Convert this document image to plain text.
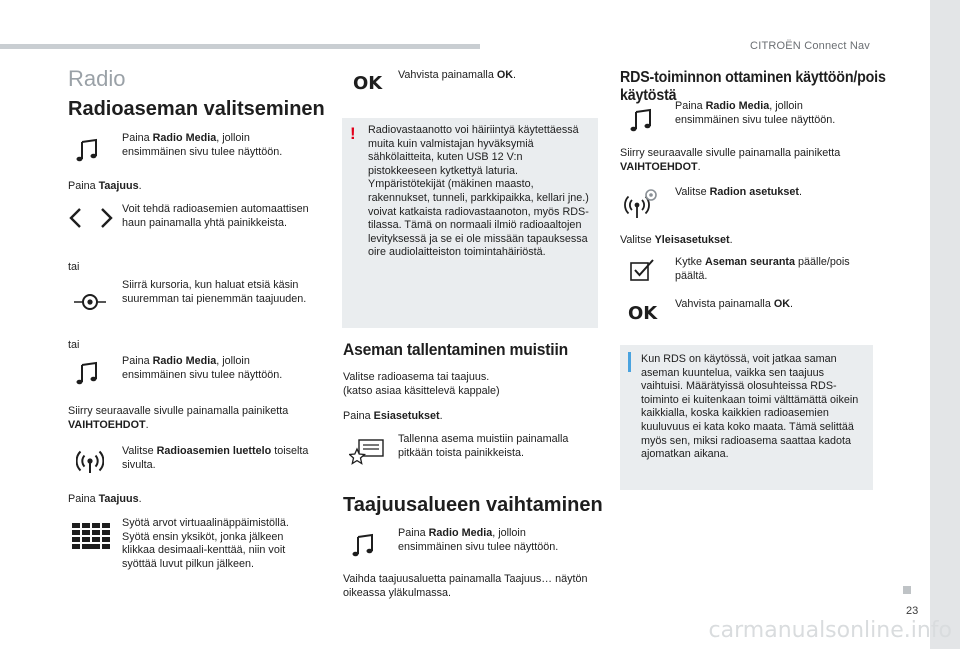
CITROËN Connect Nav
23
carmanualsonline.info
Radio
Radioaseman valitseminen
Paina Radio Media, jolloin ensimmäinen sivu tulee näyttöön.
Paina Taajuus.
Voit tehdä radioasemien automaattisen haun painamalla yhtä painikkeista.
tai
Siirrä kursoria, kun haluat etsiä käsin suuremman tai pienemmän taajuuden.
tai
Paina Radio Media, jolloin ensimmäinen sivu tulee näyttöön.
Siirry seuraavalle sivulle painamalla painiketta VAIHTOEHDOT.
Valitse Radioasemien luettelo toiselta sivulta.
Paina Taajuus.
Syötä arvot virtuaalinäppäimistöllä. Syötä ensin yksiköt, jonka jälkeen klikkaa desimaali-kenttää, niin voit syöttää luvut pilkun jälkeen.
OK Vahvista painamalla OK.
! Radiovastaanotto voi häiriintyä käytettäessä muita kuin valmistajan hyväksymiä sähkölaitteita, kuten USB 12 V:n pistokkeeseen kytkettyä laturia. Ympäristötekijät (mäkinen maasto, rakennukset, tunneli, parkkipaikka, kellari jne.) voivat katkaista radiovastaanoton, myös RDS-tilassa. Tämä on normaali ilmiö radioaaltojen levityksessä ja se ei ole missään tapauksessa oire audiolaitteiston toimintahäiriöstä.
Aseman tallentaminen muistiin
Valitse radioasema tai taajuus.
(katso asiaa käsittelevä kappale)
Paina Esiasetukset.
Tallenna asema muistiin painamalla pitkään toista painikkeista.
Taajuusalueen vaihtaminen
Paina Radio Media, jolloin ensimmäinen sivu tulee näyttöön.
Vaihda taajuusaluetta painamalla Taajuus… näytön oikeassa yläkulmassa.
RDS-toiminnon ottaminen käyttöön/pois käytöstä
Paina Radio Media, jolloin ensimmäinen sivu tulee näyttöön.
Siirry seuraavalle sivulle painamalla painiketta VAIHTOEHDOT.
Valitse Radion asetukset.
Valitse Yleisasetukset.
Kytke Aseman seuranta päälle/pois päältä.
OK Vahvista painamalla OK.
Kun RDS on käytössä, voit jatkaa saman aseman kuuntelua, vaikka sen taajuus vaihtuisi. Määrätyissä olosuhteissa RDS-toiminto ei kuitenkaan toimi välttämättä oikein kaikkialla, koska kaikkien radioasemien kuuluvuus ei kata koko maata. Tämä selittää myös sen, miksi radioasema saattaa kadota ajomatkan aikana.
